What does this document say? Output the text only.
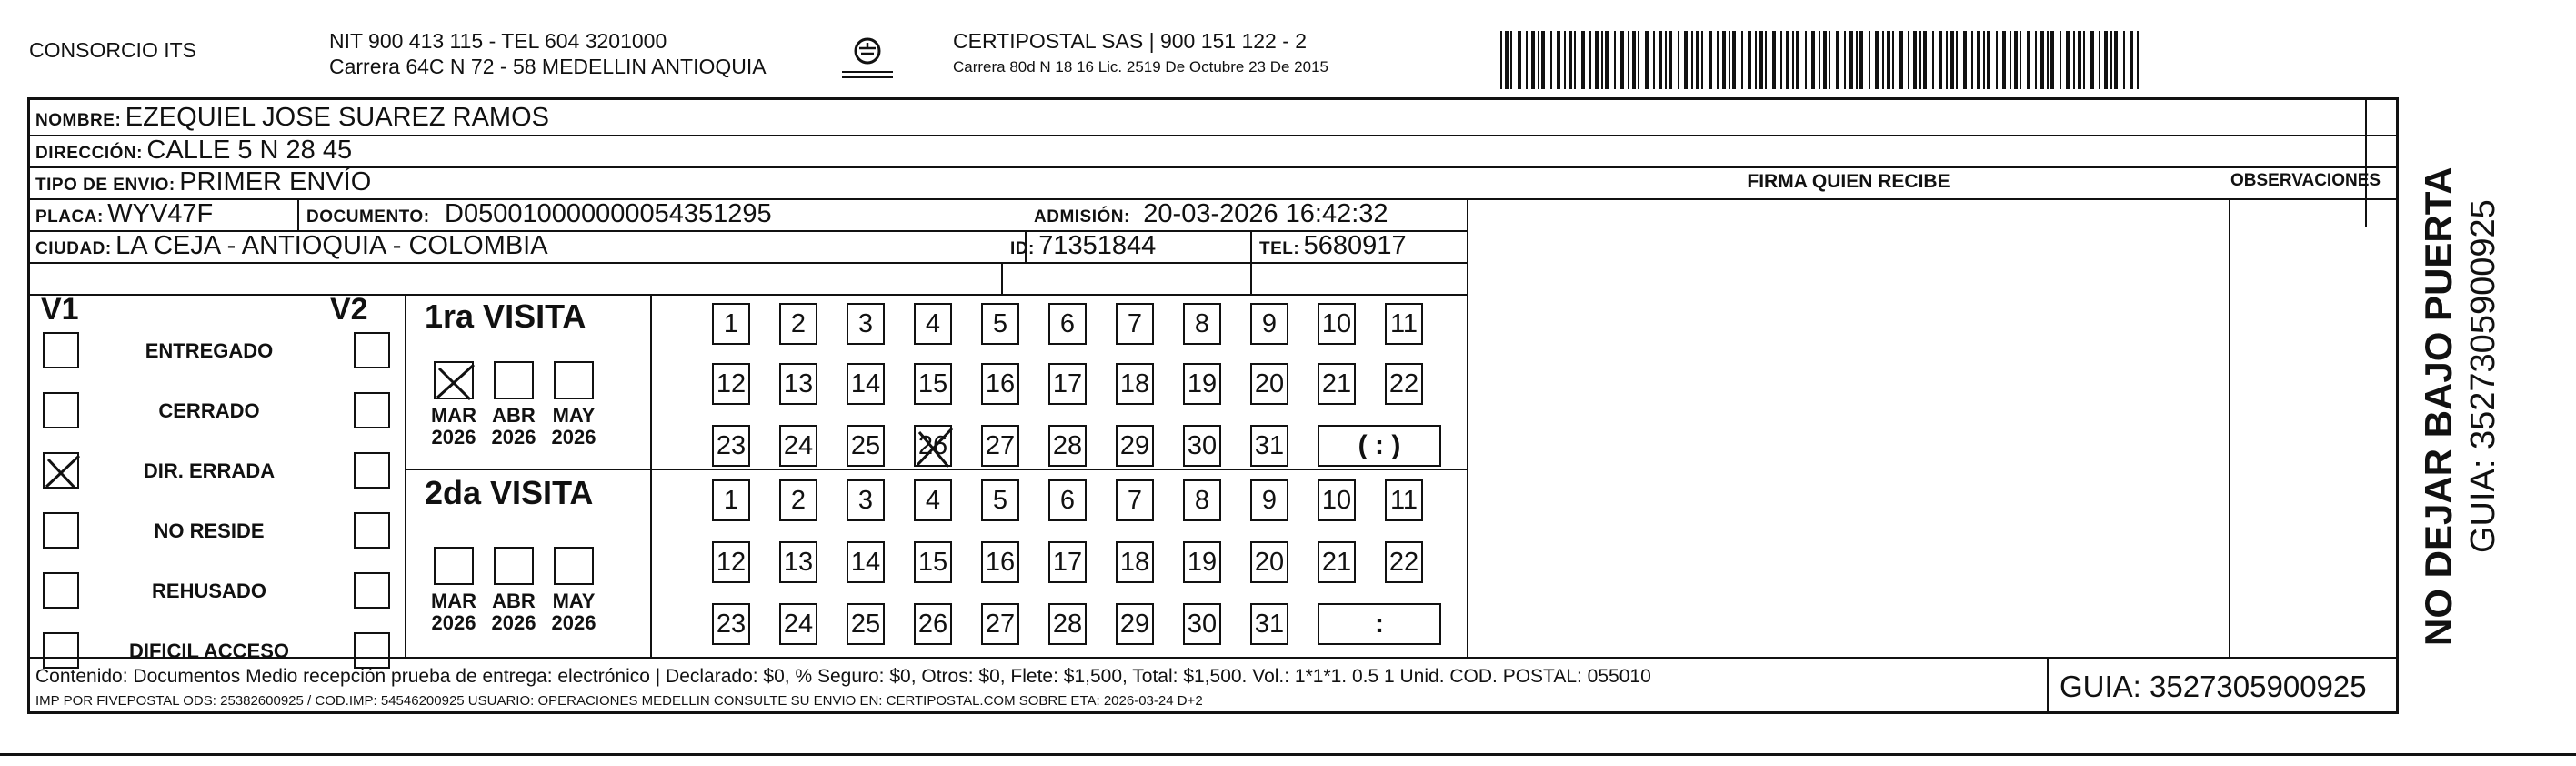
CONSORCIO ITS	NIT 900 413 115 - TEL 604 3201000
Carrera 64C N 72 - 58 MEDELLIN ANTIOQUIA
CERTIPOSTAL SAS | 900 151 122 - 2
Carrera 80d N 18 16 Lic. 2519 De Octubre 23 De 2015
NOMBRE: EZEQUIEL JOSE SUAREZ RAMOS
DIRECCIÓN: CALLE 5 N 28 45
TIPO DE ENVIO: PRIMER ENVÍO
PLACA: WYV47F	DOCUMENTO: D050010000000054351295	ADMISIÓN: 20-03-2026 16:42:32
CIUDAD: LA CEJA - ANTIOQUIA - COLOMBIA	ID: 71351844	TEL: 5680917
FIRMA QUIEN RECIBE	OBSERVACIONES
V1	V2
ENTREGADO
CERRADO
DIR. ERRADA
NO RESIDE
REHUSADO
DIFICIL ACCESO
1ra VISITA
MAR
2026
ABR
2026
MAY
2026
1	2	3	4	5	6	7	8	9	10 11
12 13 14 15 16 17 18 19 20 21 22
23 24 25 26 27 28 29 30 31	( : )
2da VISITA
MAR
2026
ABR
2026
MAY
2026
1	2	3	4	5	6	7	8	9	10 11
12 13 14 15 16 17 18 19 20 21 22
23 24 25 26 27 28 29 30 31	:
Contenido: Documentos Medio recepción prueba de entrega: electrónico | Declarado: $0, % Seguro: $0, Otros: $0, Flete: $1,500, Total: $1,500. Vol.: 1*1*1. 0.5 1 Unid. COD. POSTAL: 055010
IMP POR FIVEPOSTAL ODS: 25382600925 / COD.IMP: 54546200925 USUARIO: OPERACIONES MEDELLIN CONSULTE SU ENVIO EN: CERTIPOSTAL.COM SOBRE ETA: 2026-03-24 D+2	GUIA: 3527305900925
NO DEJAR BAJO PUERTA GUIA: 3527305900925
